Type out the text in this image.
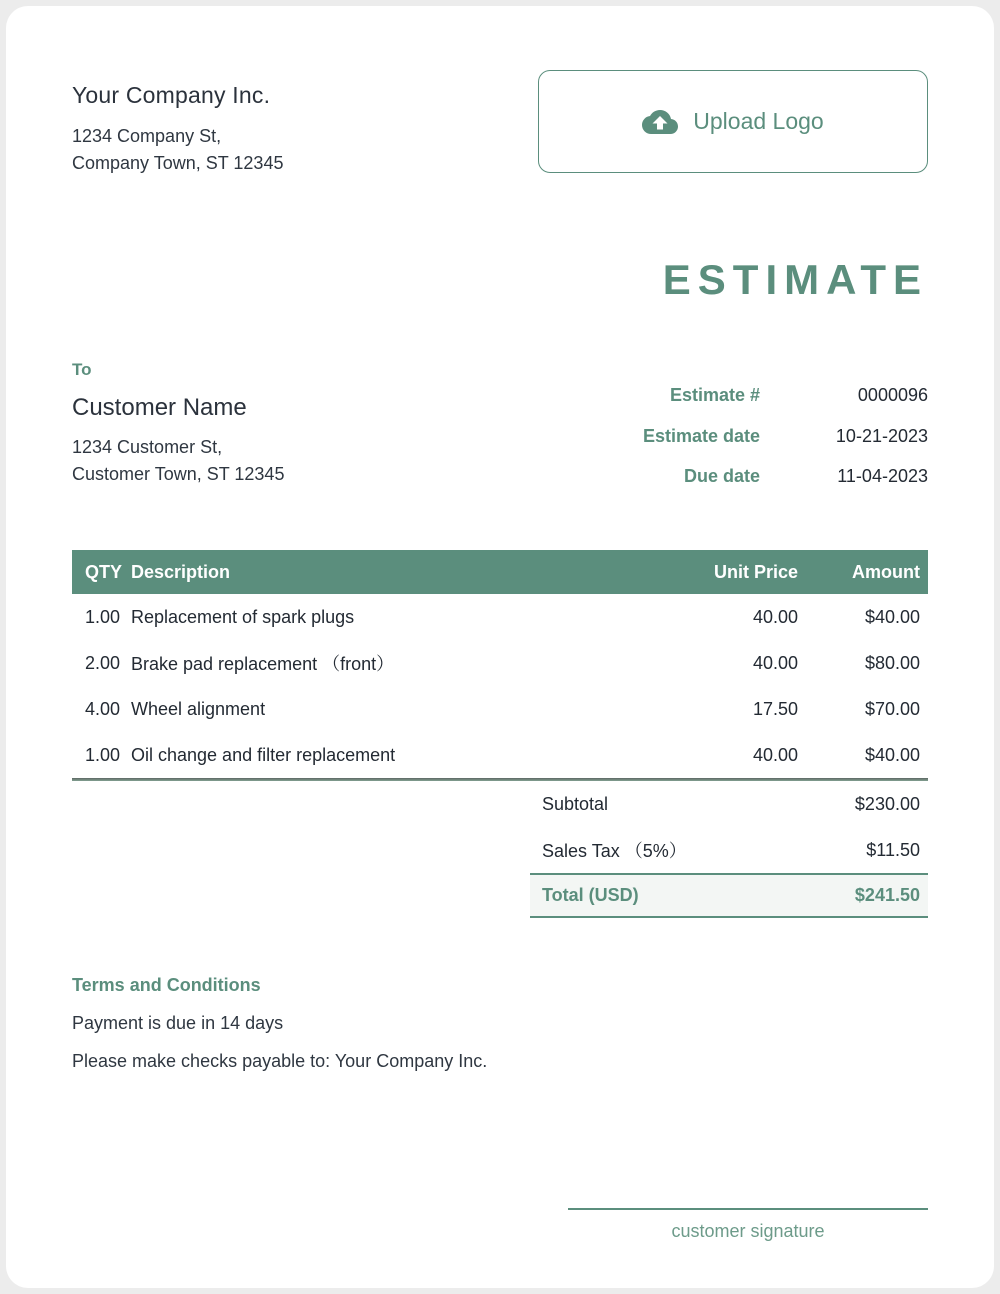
Your Company Inc.
1234 Company St,
Company Town, ST 12345
Upload Logo
ESTIMATE
To
Customer Name
1234 Customer St,
Customer Town, ST 12345
Estimate #	0000096
Estimate date	10-21-2023
Due date	11-04-2023
QTY Description	Unit Price	Amount
1.00 Replacement of spark plugs	40.00	$40.00
2.00 Brake pad replacement （front）	40.00	$80.00
4.00 Wheel alignment	17.50	$70.00
1.00 Oil change and filter replacement	40.00	$40.00
Subtotal	$230.00
Sales Tax （5%）	$11.50
Total (USD)	$241.50
Terms and Conditions
Payment is due in 14 days
Please make checks payable to: Your Company Inc.
customer signature
